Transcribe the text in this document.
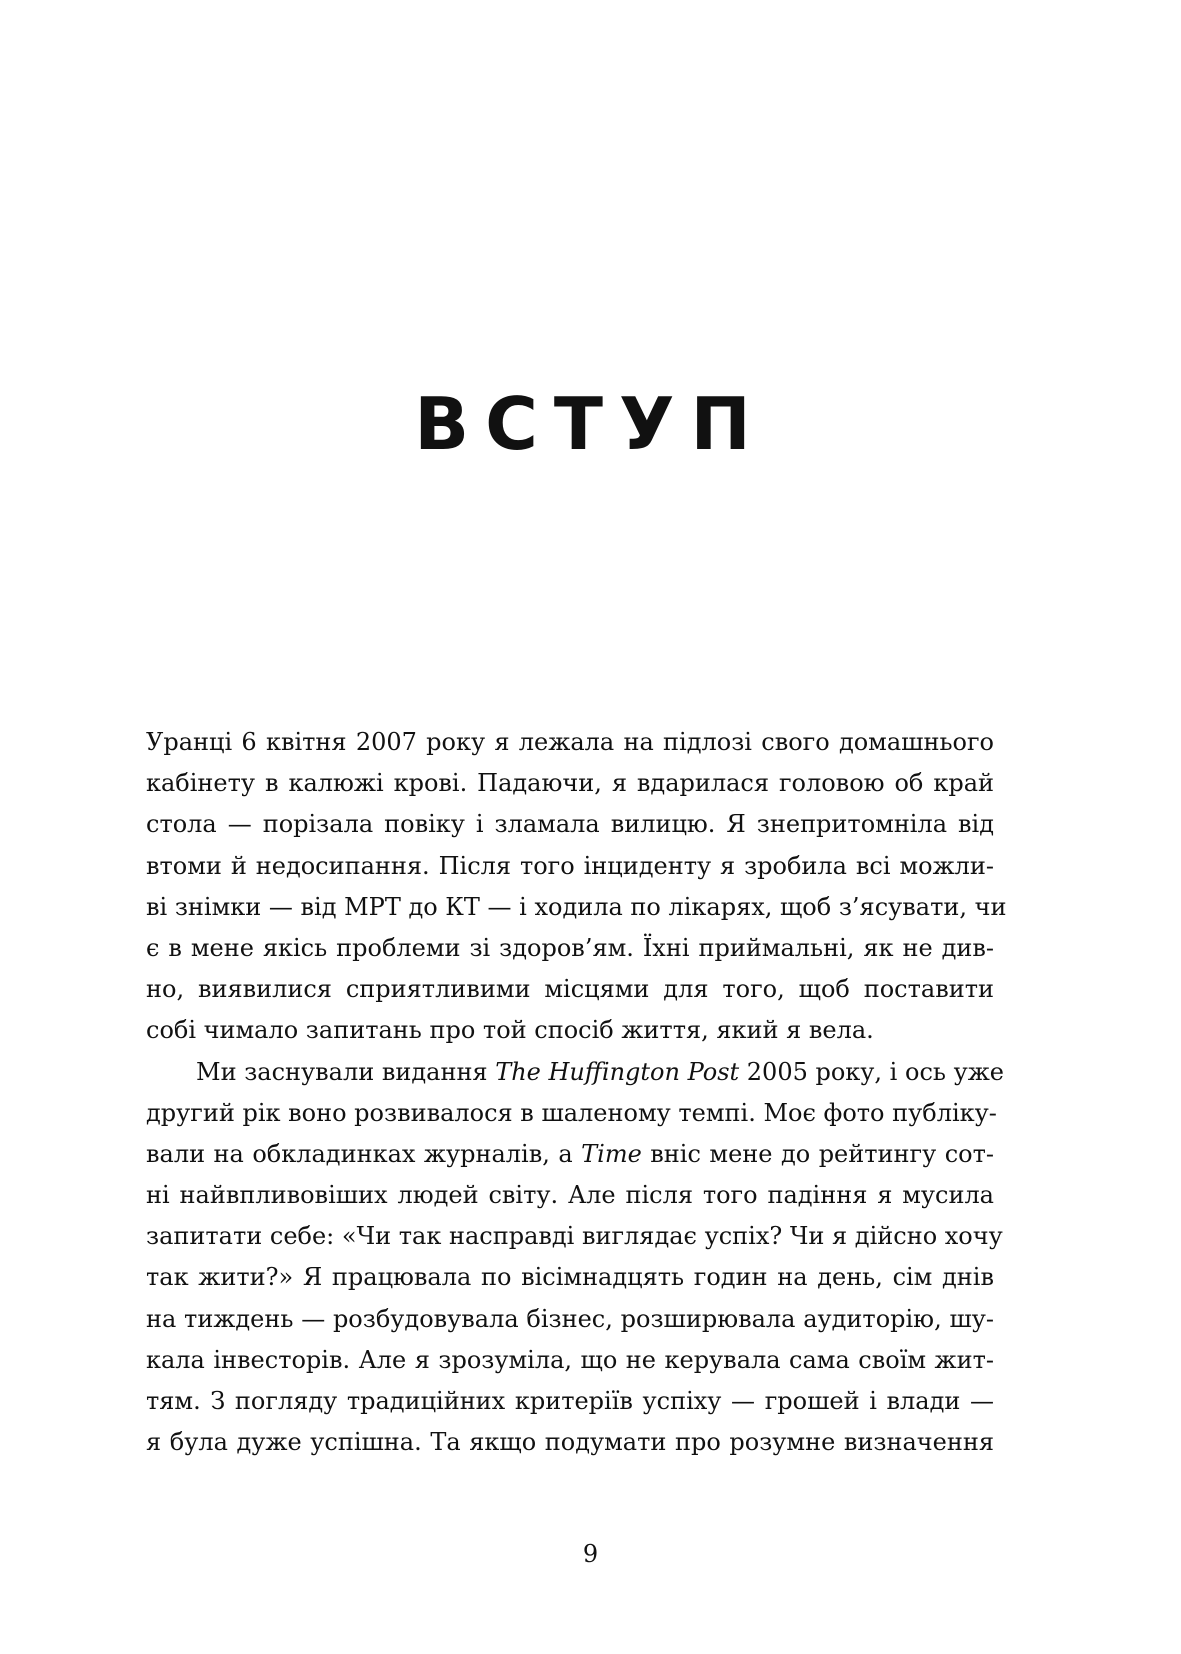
ВСТУП
Уранці 6 квітня 2007 року я лежала на підлозі свого домашнього
кабінету в калюжі крові. Падаючи, я вдарилася головою об край
стола — порізала повіку і зламала вилицю. Я знепритомніла від
втоми й недосипання. Після того інциденту я зробила всі можли-
ві знімки — від МРТ до КТ — і ходила по лікарях, щоб з’ясувати, чи
є в мене якісь проблеми зі здоров’ям. Їхні приймальні, як не див-
но, виявилися сприятливими місцями для того, щоб поставити
собі чимало запитань про той спосіб життя, який я вела.
Ми заснували видання The Huffington Post 2005 року, і ось уже
другий рік воно розвивалося в шаленому темпі. Моє фото публіку-
вали на обкладинках журналів, а Time вніс мене до рейтингу сот-
ні найвпливовіших людей світу. Але після того падіння я мусила
запитати себе: «Чи так насправді виглядає успіх? Чи я дійсно хочу
так жити?» Я працювала по вісімнадцять годин на день, сім днів
на тиждень — розбудовувала бізнес, розширювала аудиторію, шу-
кала інвесторів. Але я зрозуміла, що не керувала сама своїм жит-
тям. З погляду традиційних критеріїв успіху — грошей і влади —
я була дуже успішна. Та якщо подумати про розумне визначення
9
